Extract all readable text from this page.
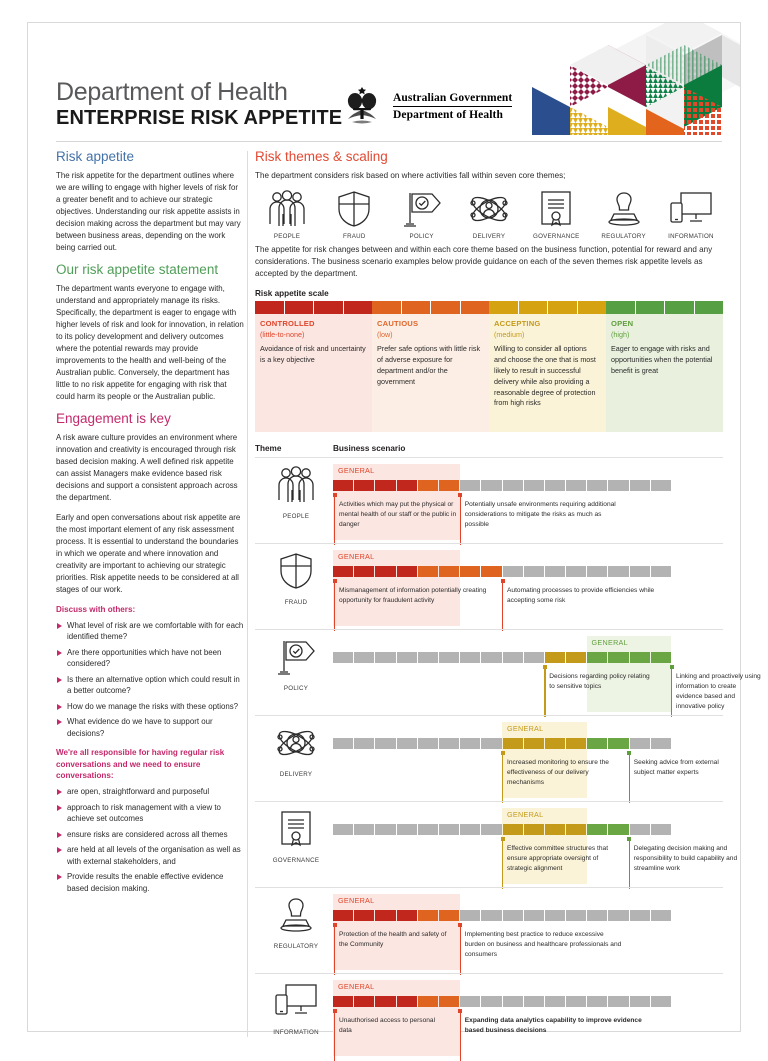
Department of Health
ENTERPRISE RISK APPETITE
Australian Government
Department of Health
Risk appetite

The risk appetite for the department outlines where we are willing to engage with higher levels of risk for a greater benefit and to achieve our strategic objectives. Understanding our risk appetite assists in decision making across the department but may vary between business areas, depending on the work being carried out.

Our risk appetite statement

The department wants everyone to engage with, understand and appropriately manage its risks. Specifically, the department is eager to engage with higher levels of risk and look for innovation, in relation to its policy development and delivery outcomes where the potential rewards may provide improvements to the health and well-being of the Australian public. Conversely, the department has little to no risk appetite for engaging with risk that could harm its people or the Australian public.

Engagement is key

A risk aware culture provides an environment where innovation and creativity is encouraged through risk based decision making. A well defined risk appetite can assist Managers make evidence based risk decisions and support a consistent approach across the department.

Early and open conversations about risk appetite are the most important element of any risk assessment process. It is essential to understand the boundaries in which we operate and where innovation and creativity are important to achieving our strategic priorities. Risk appetite needs to be considered at all stages of our work.

Discuss with others:
What level of risk are we comfortable with for each identified theme?
Are there opportunities which have not been considered?
Is there an alternative option which could result in a better outcome?
How do we manage the risks with these options?
What evidence do we have to support our decisions?
We're all responsible for having regular risk conversations and we need to ensure conversations:
are open, straightforward and purposeful
approach to risk management with a view to achieve set outcomes
ensure risks are considered across all themes
are held at all levels of the organisation as well as with external stakeholders, and
Provide results the enable effective evidence based decision making.
Risk themes & scaling
The department considers risk based on where activities fall within seven core themes;
PEOPLE	FRAUD	POLICY	DELIVERY	GOVERNANCE	REGULATORY	INFORMATION
The appetite for risk changes between and within each core theme based on the business function, potential for reward and any considerations. The business scenario examples below provide guidance on each of the seven themes risk appetite levels as accepted by the department.
Risk appetite scale
CONTROLLED
(little-to-none)
Avoidance of risk and uncertainty is a key objective
CAUTIOUS
(low)
Prefer safe options with little risk of adverse exposure for department and/or the government
ACCEPTING
(medium)
Willing to consider all options and choose the one that is most likely to result in successful delivery while also providing a reasonable degree of protection from high risks
OPEN
(high)
Eager to engage with risks and opportunities when the potential benefit is great
Theme	Business scenario
PEOPLE
GENERAL
Activities which may put the physical or mental health of our staff or the public in danger
Potentially unsafe environments requiring additional considerations to mitigate the risks as much as possible
FRAUD
GENERAL
Mismanagement of information potentially creating opportunity for fraudulent activity
Automating processes to provide efficiencies while accepting some risk
POLICY
GENERAL
Decisions regarding policy relating to sensitive topics
Linking and proactively using information to create evidence based and innovative policy
DELIVERY
GENERAL
Increased monitoring to ensure the effectiveness of our delivery mechanisms
Seeking advice from external subject matter experts
GOVERNANCE
GENERAL
Effective committee structures that ensure appropriate oversight of strategic alignment
Delegating decision making and responsibility to build capability and streamline work
REGULATORY
GENERAL
Protection of the health and safety of the Community
Implementing best practice to reduce excessive burden on business and healthcare professionals and consumers
INFORMATION
GENERAL
Unauthorised access to personal data
Expanding data analytics capability to improve evidence based business decisions
